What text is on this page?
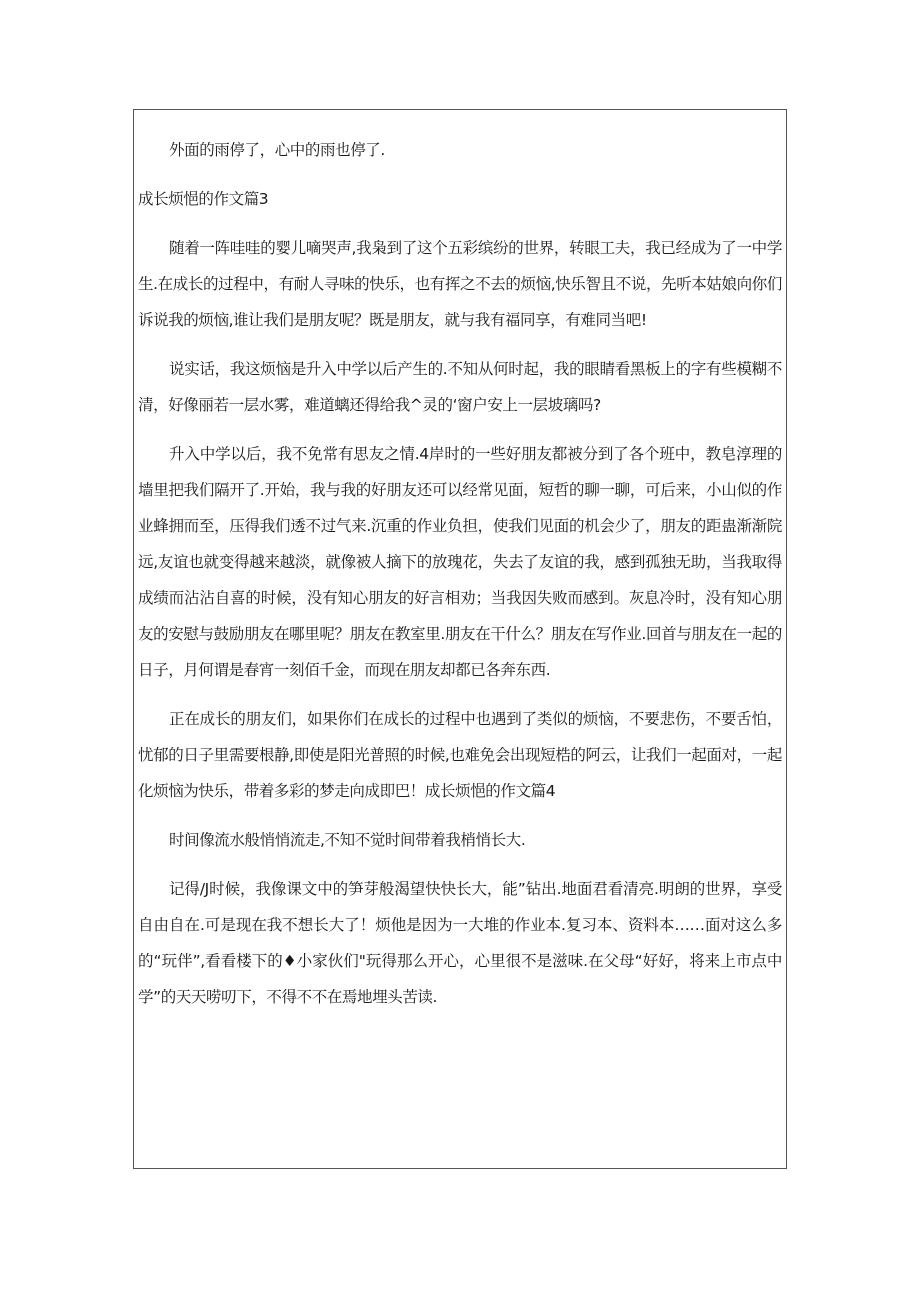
外面的雨停了，心中的雨也停了.

成长烦悒的作文篇3

随着一阵哇哇的婴儿嘀哭声,我枭到了这个五彩缤纷的世界，转眼工夫，我已经成为了一中学生.在成长的过程中，有耐人寻味的快乐，也有挥之不去的烦恼,快乐智且不说，先听本姑娘向你们诉说我的烦恼,谁让我们是朋友呢？既是朋友，就与我有福同享，有难同当吧!

说实话，我这烦恼是升入中学以后产生的.不知从何时起，我的眼睛看黑板上的字有些模糊不清，好像丽若一层水雾，难道螭还得给我^灵的‘窗户安上一层坡璃吗?

升入中学以后，我不免常有思友之情.4岸时的一些好朋友都被分到了各个班中，教皂淳理的墙里把我们隔开了.开始，我与我的好朋友还可以经常见面，短哲的聊一聊，可后来，小山似的作业蜂拥而至，压得我们透不过气来.沉重的作业负担，使我们见面的机会少了，朋友的距蛊渐渐院远,友谊也就变得越来越淡，就像被人摘下的放瑰花，失去了友谊的我，感到孤独无助，当我取得成绩而沾沾自喜的时候，没有知心朋友的好言相劝；当我因失败而感到。灰息冷时，没有知心朋友的安慰与鼓励朋友在哪里呢？朋友在教室里.朋友在干什么？朋友在写作业.回首与朋友在一起的日子，月何谓是春宵一刻佰千金，而现在朋友却都已各奔东西.

正在成长的朋友们，如果你们在成长的过程中也遇到了类似的烦恼，不要悲伤，不要舌怕，忧郁的日子里需要根静,即使是阳光普照的时候,也难免会出现短梏的阿云，让我们一起面对，一起化烦恼为快乐，带着多彩的梦走向成即巴！成长烦悒的作文篇4

时间像流水般悄悄流走,不知不觉时间带着我梢悄长大.

记得/J时候，我像课文中的笋芽般渴望快快长大，能”钻出.地面君看清亮.明朗的世界，享受自由自在.可是现在我不想长大了！烦他是因为一大堆的作业本.复习本、资料本……面对这么多的“玩伴”,看看楼下的♦小家伙们"玩得那么开心，心里很不是滋味.在父母“好好，将来上市点中学”的天天唠叨下，不得不不在焉地埋头苦读.
